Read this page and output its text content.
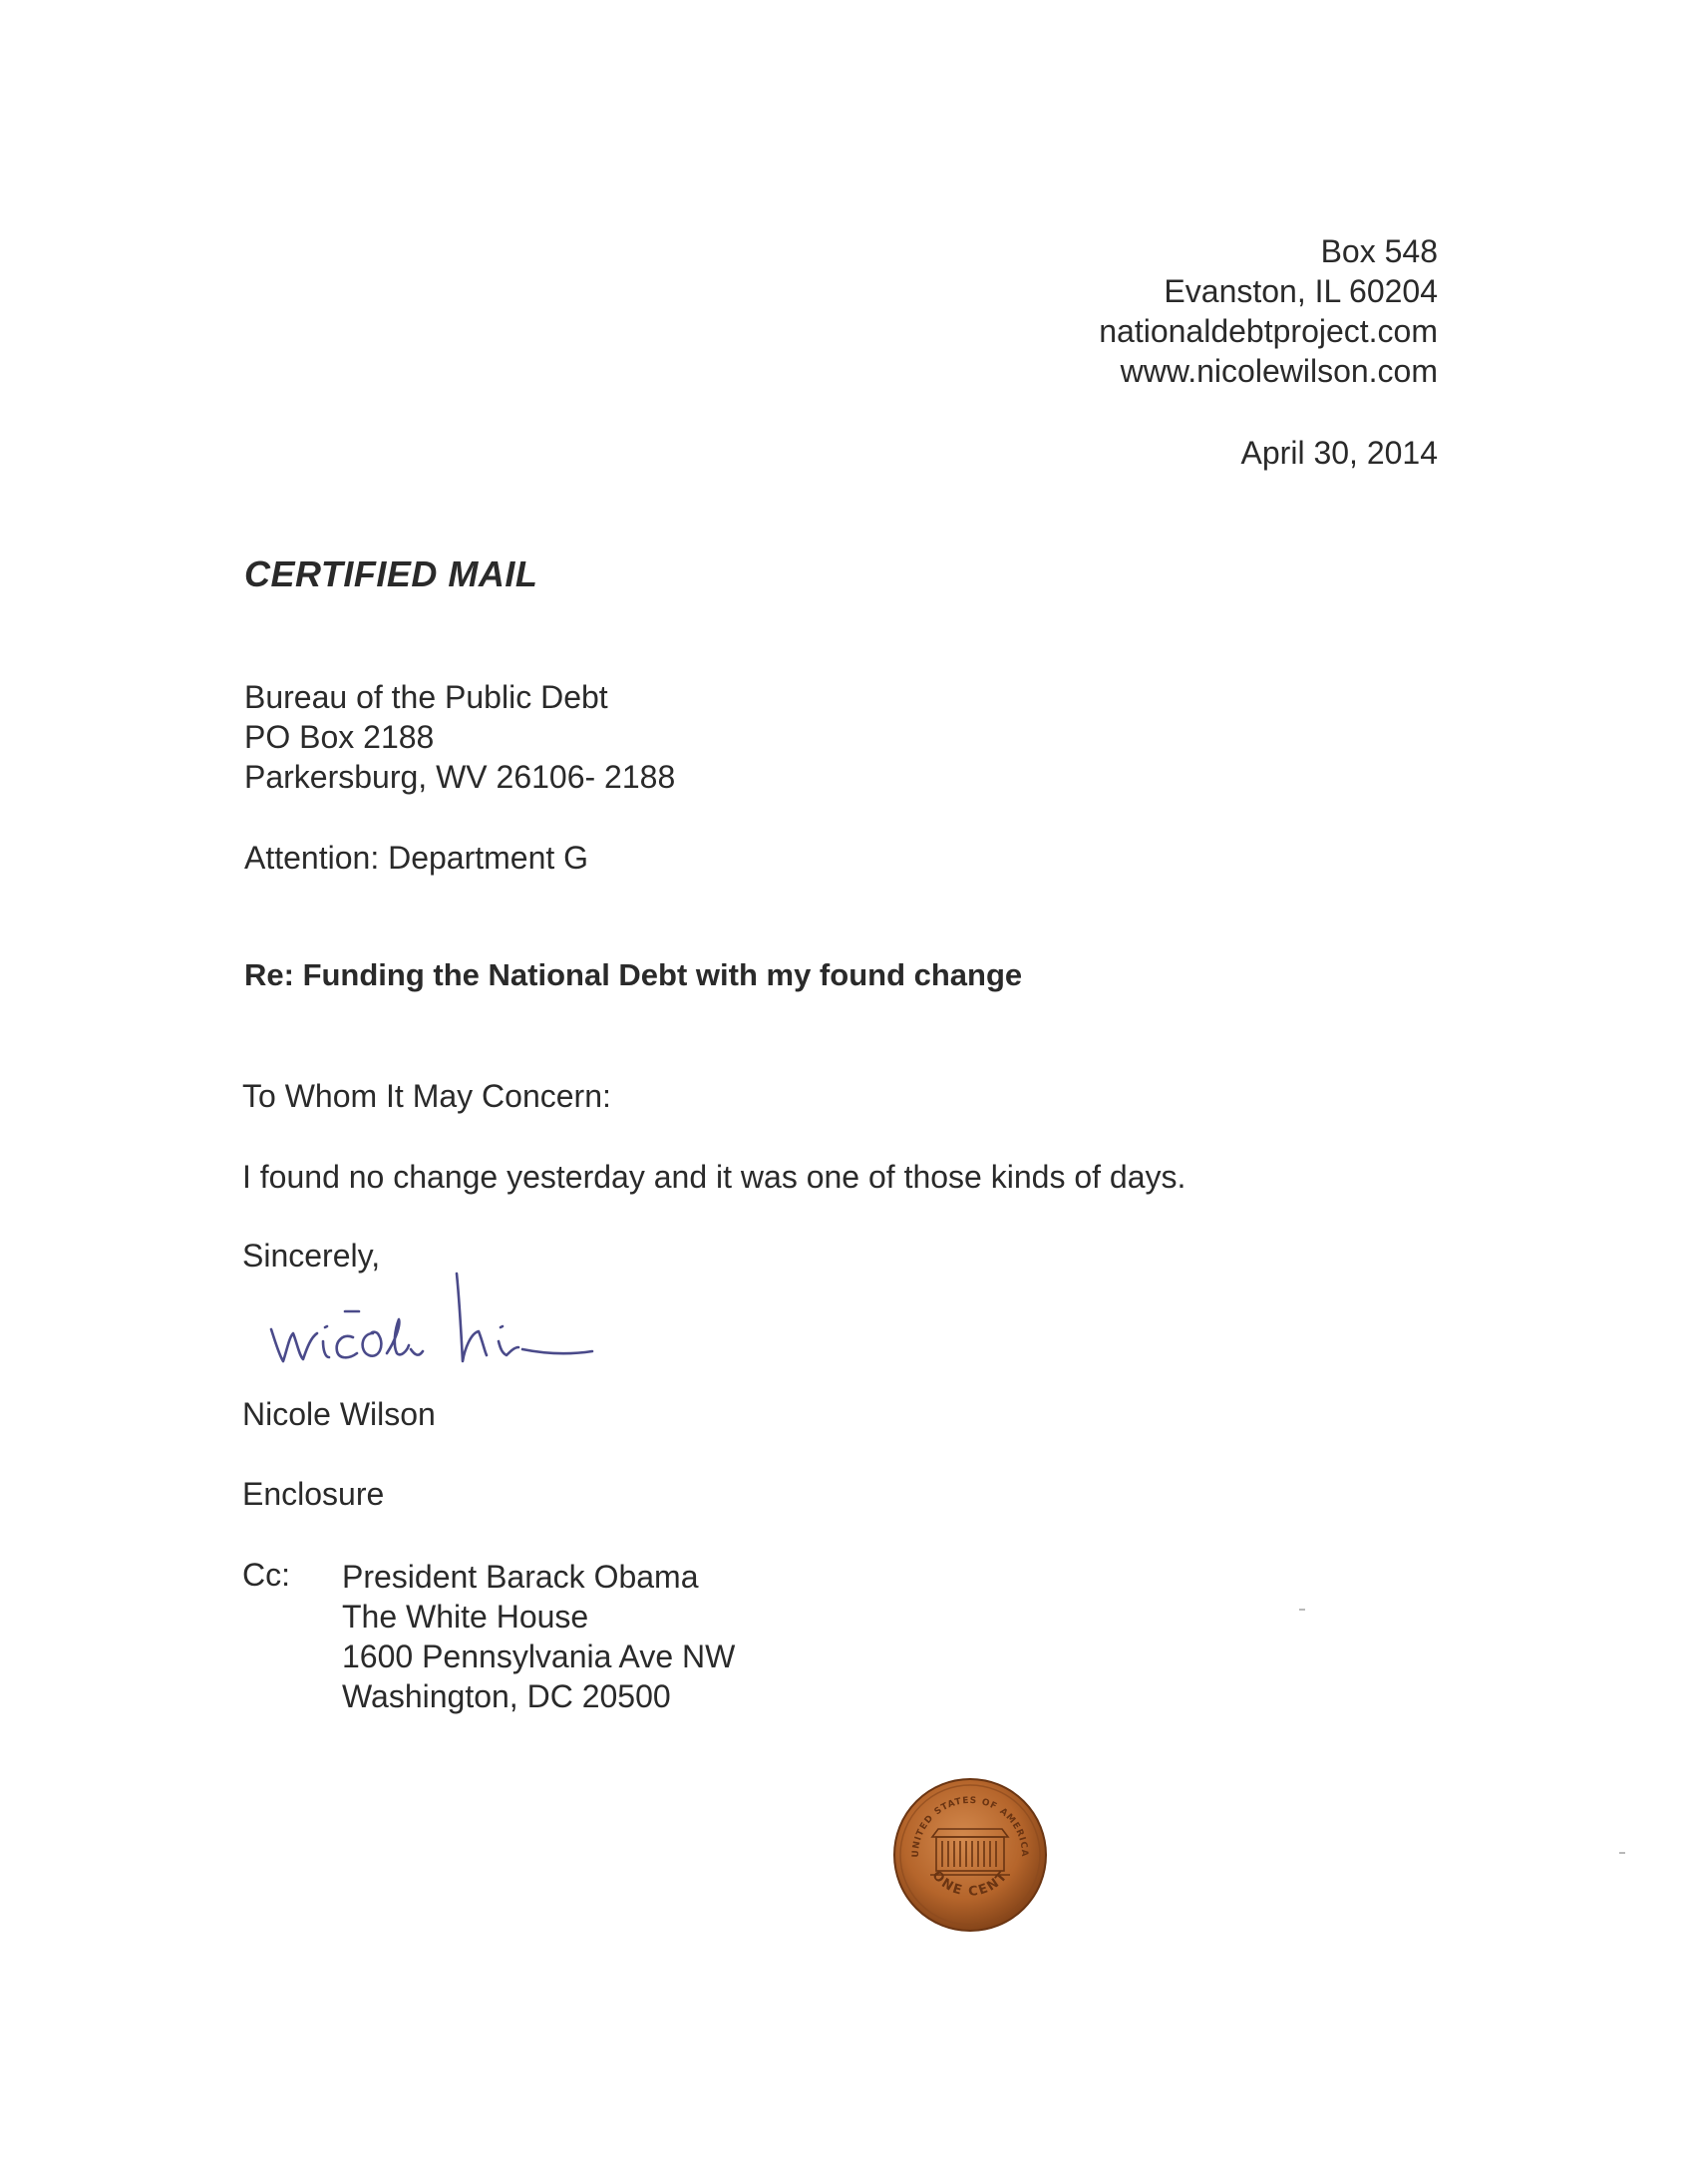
Box 548
Evanston, IL 60204
nationaldebtproject.com
www.nicolewilson.com
April 30, 2014
CERTIFIED MAIL
Bureau of the Public Debt
PO Box 2188
Parkersburg, WV 26106- 2188
Attention: Department G
Re: Funding the National Debt with my found change
To Whom It May Concern:
I found no change yesterday and it was one of those kinds of days.
Sincerely,
Nicole Wilson
Enclosure
Cc: President Barack Obama
The White House
1600 Pennsylvania Ave NW
Washington, DC 20500
UNITED STATES OF AMERICA
ONE CENT
